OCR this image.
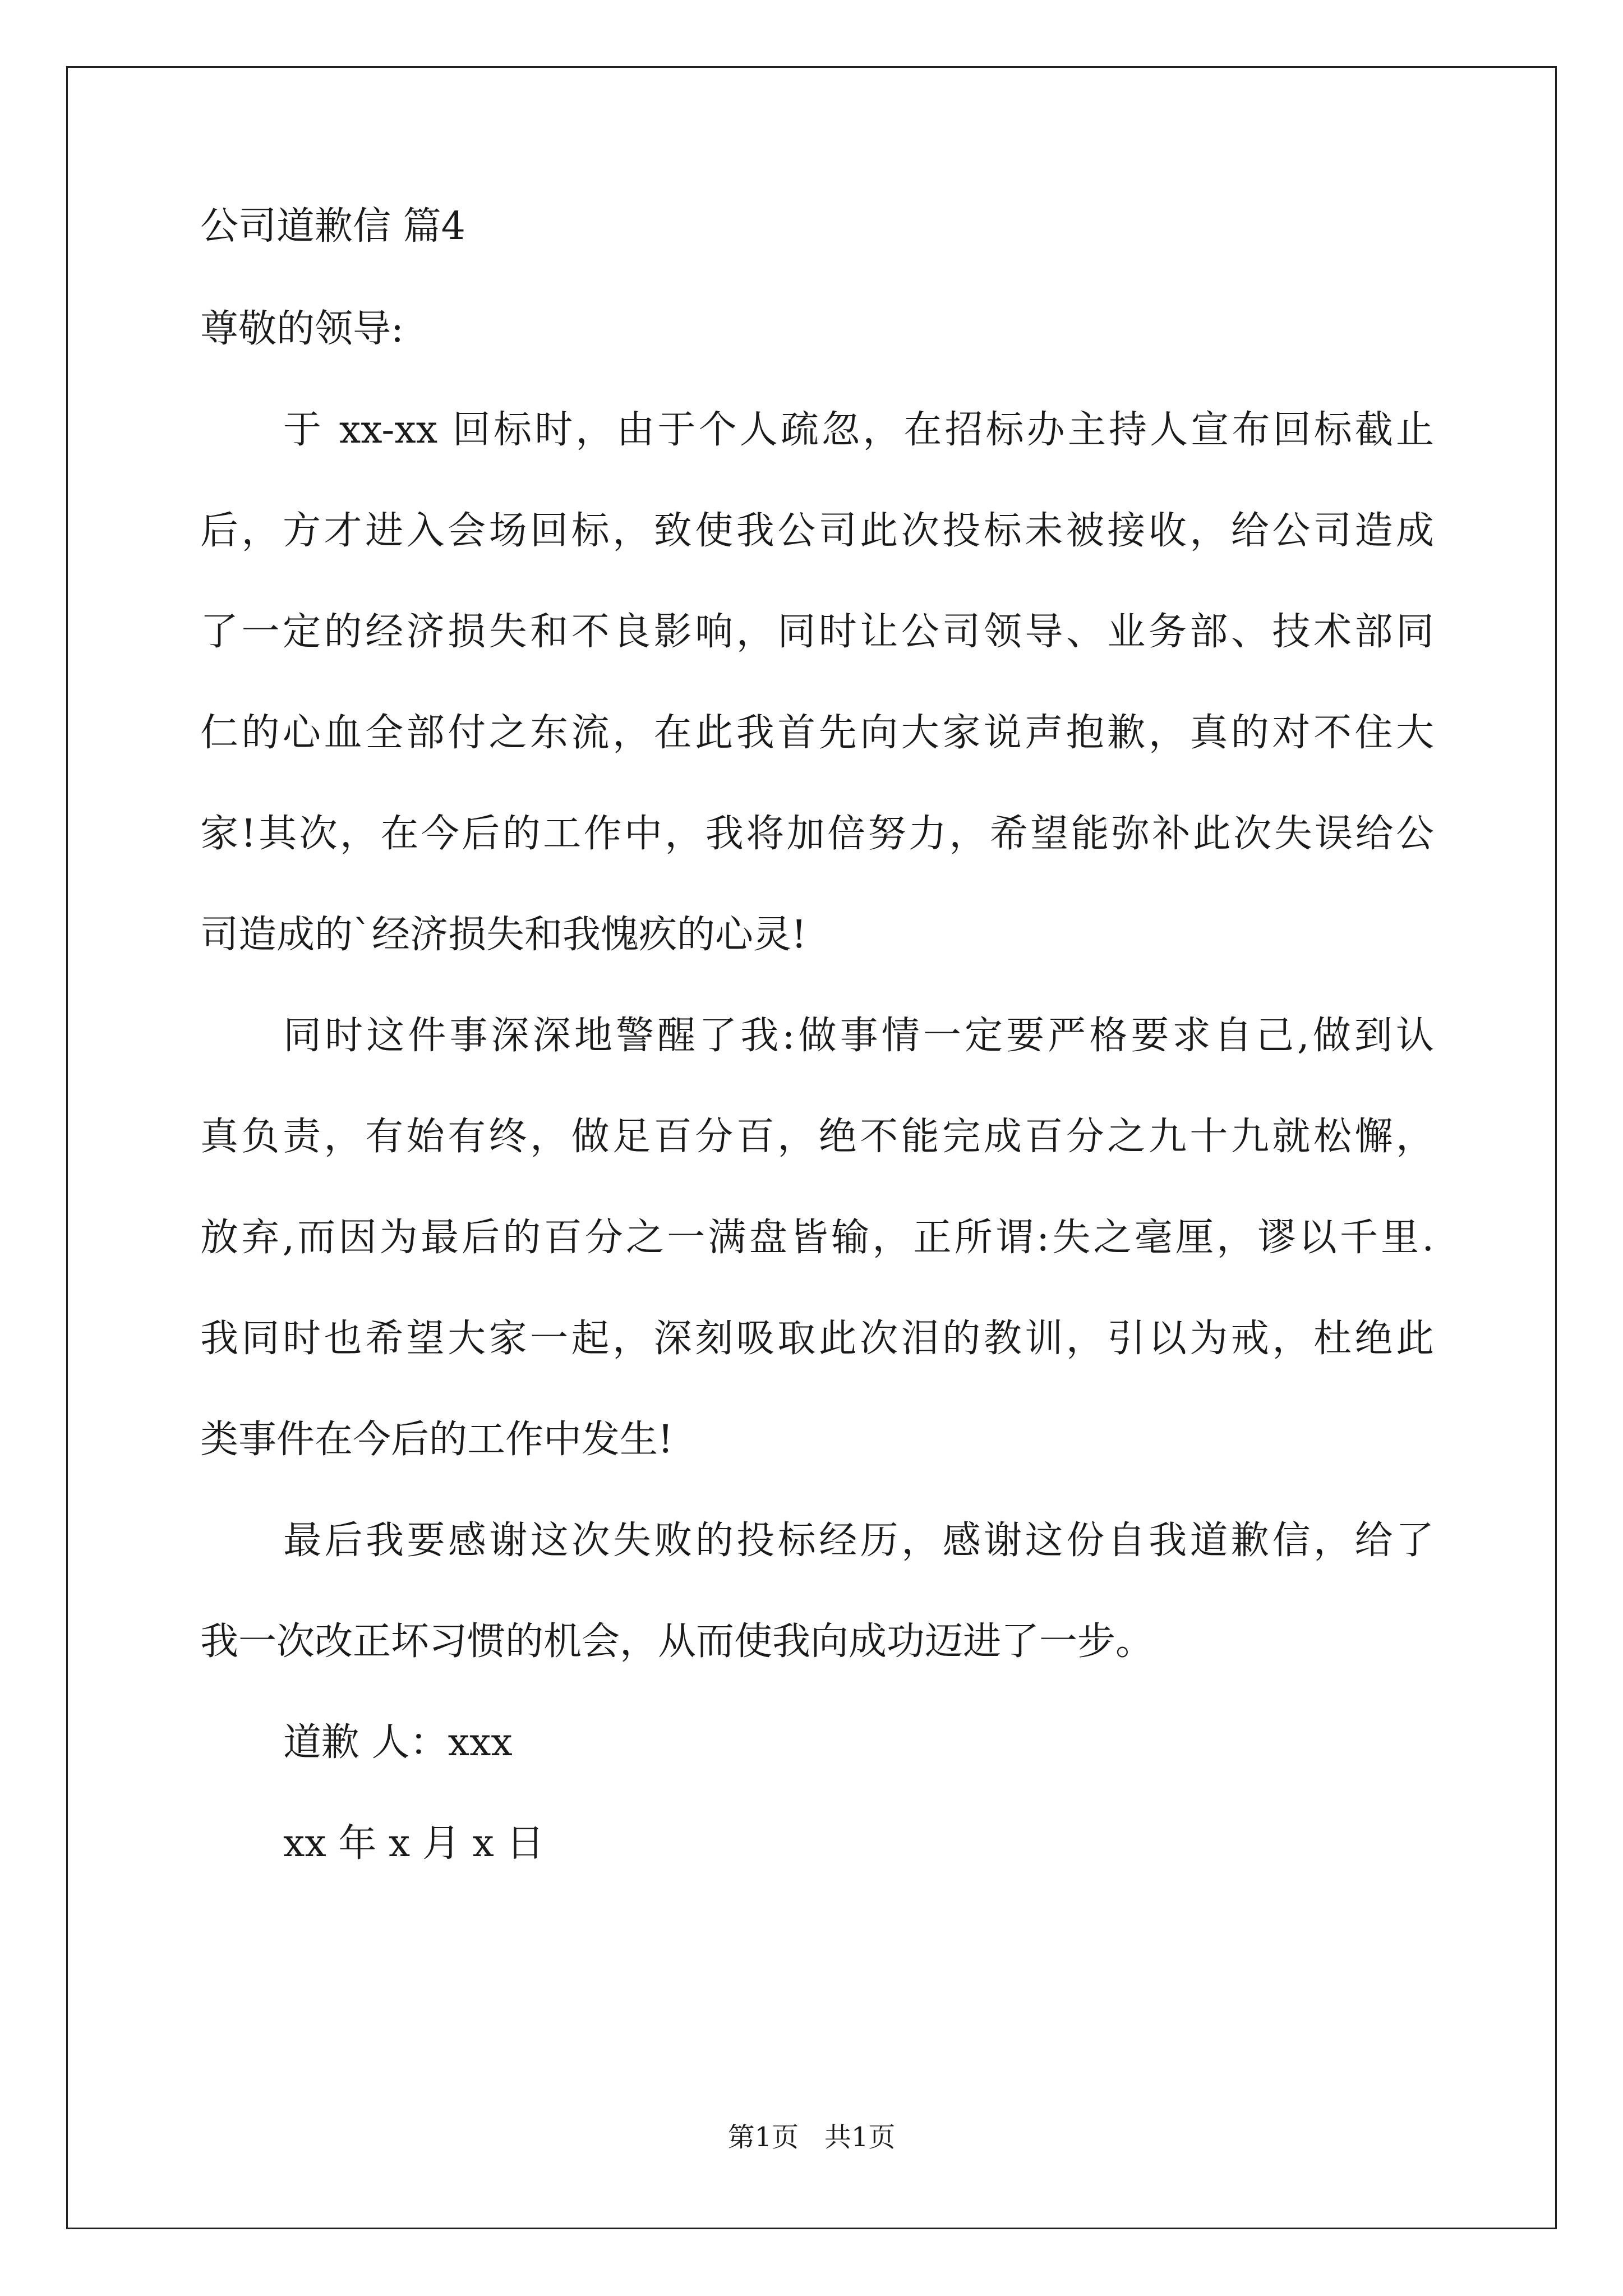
公司道歉信 篇4
尊敬的领导:
于 xx-xx 回标时，由于个人疏忽，在招标办主持人宣布回标截止
后，方才进入会场回标，致使我公司此次投标未被接收，给公司造成
了一定的经济损失和不良影响，同时让公司领导、业务部、技术部同
仁的心血全部付之东流，在此我首先向大家说声抱歉，真的对不住大
家!其次，在今后的工作中，我将加倍努力，希望能弥补此次失误给公
司造成的`经济损失和我愧疚的心灵!
同时这件事深深地警醒了我:做事情一定要严格要求自己,做到认
真负责，有始有终，做足百分百，绝不能完成百分之九十九就松懈，
放弃,而因为最后的百分之一满盘皆输，正所谓:失之毫厘，谬以千里.
我同时也希望大家一起，深刻吸取此次泪的教训，引以为戒，杜绝此
类事件在今后的工作中发生!
最后我要感谢这次失败的投标经历，感谢这份自我道歉信，给了
我一次改正坏习惯的机会，从而使我向成功迈进了一步。
道歉 人：xxx
xx 年 x 月 x 日
第1页   共1页
